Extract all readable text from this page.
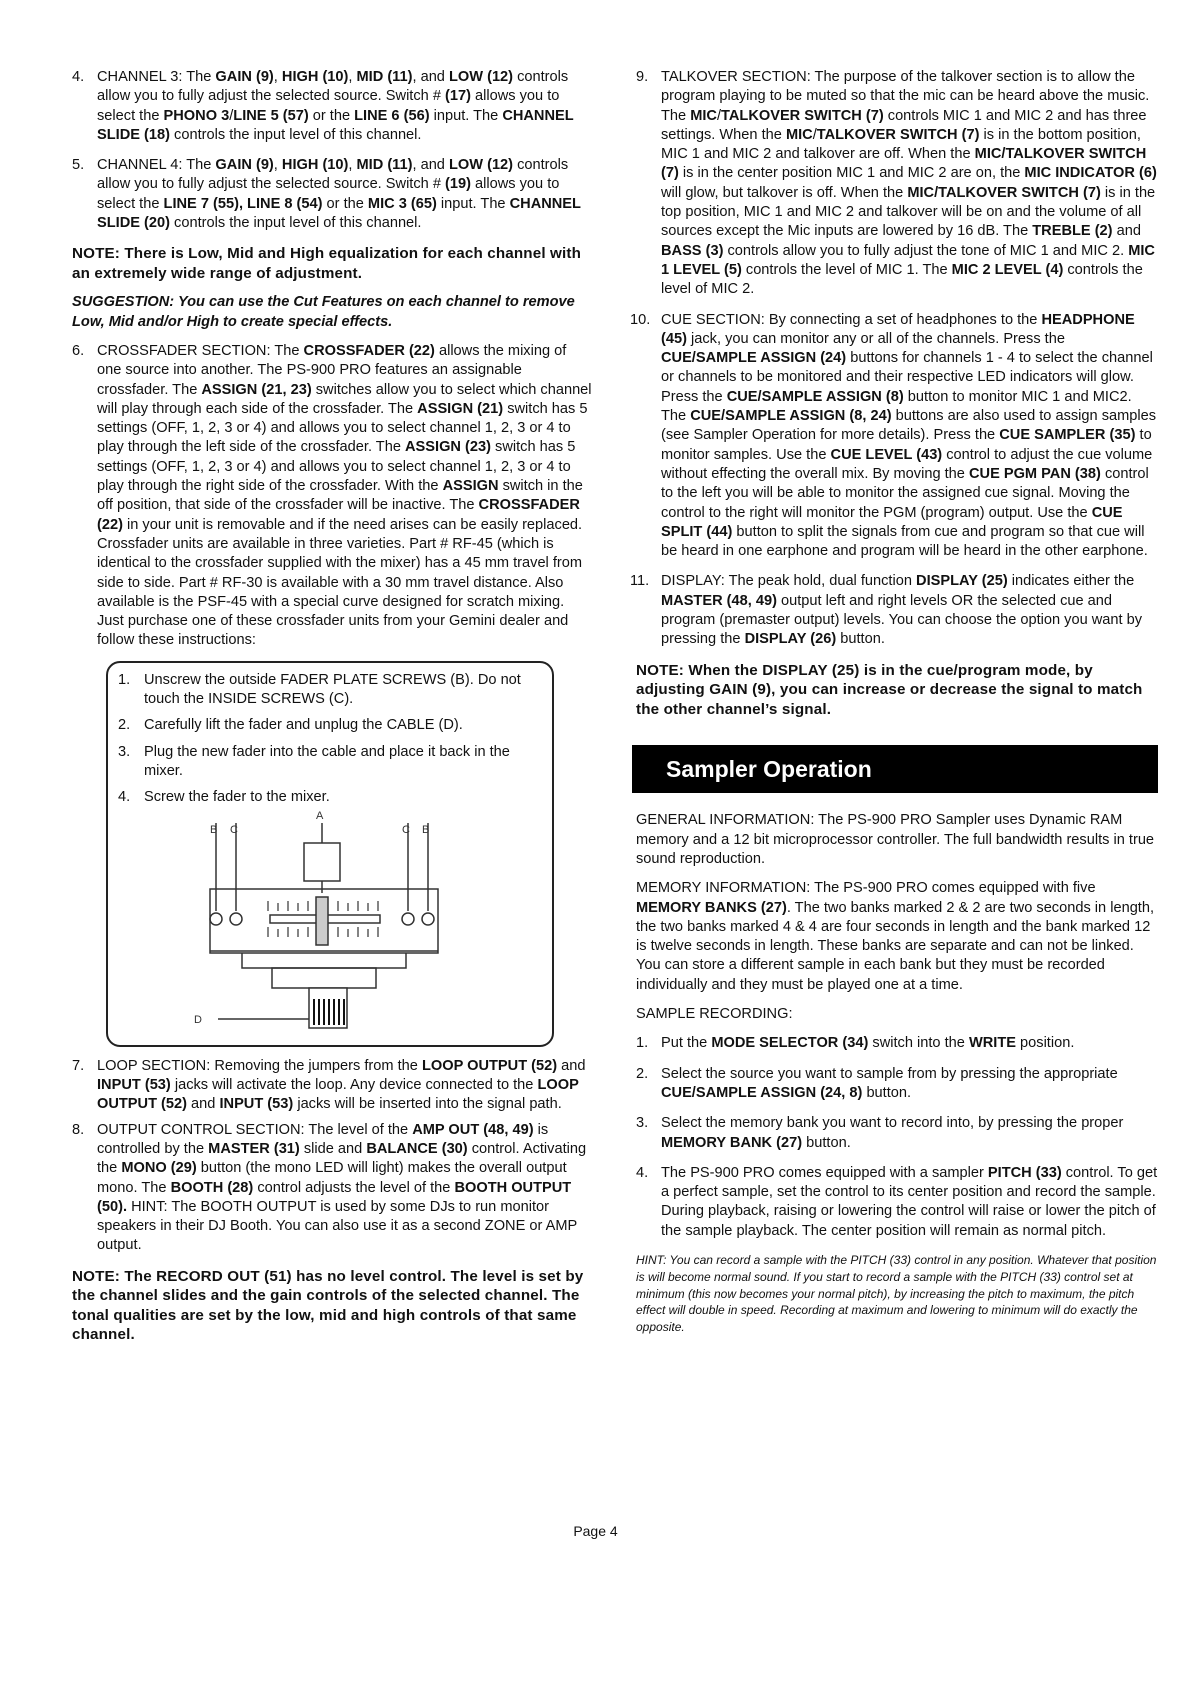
4. CHANNEL 3: The GAIN (9), HIGH (10), MID (11), and LOW (12) controls allow you to fully adjust the selected source. Switch # (17) allows you to select the PHONO 3/LINE 5 (57) or the LINE 6 (56) input. The CHANNEL SLIDE (18) controls the input level of this channel.

5. CHANNEL 4: The GAIN (9), HIGH (10), MID (11), and LOW (12) controls allow you to fully adjust the selected source. Switch # (19) allows you to select the LINE 7 (55), LINE 8 (54) or the MIC 3 (65) input. The CHANNEL SLIDE (20) controls the input level of this channel.

NOTE: There is Low, Mid and High equalization for each channel with an extremely wide range of adjustment.

SUGGESTION: You can use the Cut Features on each channel to remove Low, Mid and/or High to create special effects.

6. CROSSFADER SECTION: The CROSSFADER (22) allows the mixing of one source into another. The PS-900 PRO features an assignable crossfader. The ASSIGN (21, 23) switches allow you to select which channel will play through each side of the crossfader. The ASSIGN (21) switch has 5 settings (OFF, 1, 2, 3 or 4) and allows you to select channel 1, 2, 3 or 4 to play through the left side of the crossfader. The ASSIGN (23) switch has 5 settings (OFF, 1, 2, 3 or 4) and allows you to select channel 1, 2, 3 or 4 to play through the right side of the crossfader. With the ASSIGN switch in the off position, that side of the crossfader will be inactive. The CROSSFADER (22) in your unit is removable and if the need arises can be easily replaced. Crossfader units are available in three varieties. Part # RF-45 (which is identical to the crossfader supplied with the mixer) has a 45 mm travel from side to side. Part # RF-30 is available with a 30 mm travel distance. Also available is the PSF-45 with a special curve designed for scratch mixing. Just purchase one of these crossfader units from your Gemini dealer and follow these instructions:

1. Unscrew the outside FADER PLATE SCREWS (B). Do not touch the INSIDE SCREWS (C).

2. Carefully lift the fader and unplug the CABLE (D).

3. Plug the new fader into the cable and place it back in the mixer.

4. Screw the fader to the mixer.

B C	C B
D
A
7. LOOP SECTION: Removing the jumpers from the LOOP OUTPUT (52) and INPUT (53) jacks will activate the loop. Any device connected to the LOOP OUTPUT (52) and INPUT (53) jacks will be inserted into the signal path.

8. OUTPUT CONTROL SECTION: The level of the AMP OUT (48, 49) is controlled by the MASTER (31) slide and BALANCE (30) control. Activating the MONO (29) button (the mono LED will light) makes the overall output mono. The BOOTH (28) control adjusts the level of the BOOTH OUTPUT (50). HINT: The BOOTH OUTPUT is used by some DJs to run monitor speakers in their DJ Booth. You can also use it as a second ZONE or AMP output.

NOTE: The RECORD OUT (51) has no level control. The level is set by the channel slides and the gain controls of the selected channel. The tonal qualities are set by the low, mid and high controls of that same channel.

9. TALKOVER SECTION: The purpose of the talkover section is to allow the program playing to be muted so that the mic can be heard above the music. The MIC/TALKOVER SWITCH (7) controls MIC 1 and MIC 2 and has three settings. When the MIC/TALKOVER SWITCH (7) is in the bottom position, MIC 1 and MIC 2 and talkover are off. When the MIC/TALKOVER SWITCH (7) is in the center position MIC 1 and MIC 2 are on, the MIC INDICATOR (6) will glow, but talkover is off. When the MIC/TALKOVER SWITCH (7) is in the top position, MIC 1 and MIC 2 and talkover will be on and the volume of all sources except the Mic inputs are lowered by 16 dB. The TREBLE (2) and BASS (3) controls allow you to fully adjust the tone of MIC 1 and MIC 2. MIC 1 LEVEL (5) controls the level of MIC 1. The MIC 2 LEVEL (4) controls the level of MIC 2.

10. CUE SECTION: By connecting a set of headphones to the HEADPHONE (45) jack, you can monitor any or all of the channels. Press the CUE/SAMPLE ASSIGN (24) buttons for channels 1 - 4 to select the channel or channels to be monitored and their respective LED indicators will glow. Press the CUE/SAMPLE ASSIGN (8) button to monitor MIC 1 and MIC2. The CUE/SAMPLE ASSIGN (8, 24) buttons are also used to assign samples (see Sampler Operation for more details). Press the CUE SAMPLER (35) to monitor samples. Use the CUE LEVEL (43) control to adjust the cue volume without effecting the overall mix. By moving the CUE PGM PAN (38) control to the left you will be able to monitor the assigned cue signal. Moving the control to the right will monitor the PGM (program) output. Use the CUE SPLIT (44) button to split the signals from cue and program so that cue will be heard in one earphone and program will be heard in the other earphone.

11. DISPLAY: The peak hold, dual function DISPLAY (25) indicates either the MASTER (48, 49) output left and right levels OR the selected cue and program (premaster output) levels. You can choose the option you want by pressing the DISPLAY (26) button.

NOTE: When the DISPLAY (25) is in the cue/program mode, by adjusting GAIN (9), you can increase or decrease the signal to match the other channel’s signal.

Sampler Operation

GENERAL INFORMATION: The PS-900 PRO Sampler uses Dynamic RAM memory and a 12 bit microprocessor controller. The full bandwidth results in true sound reproduction.

MEMORY INFORMATION: The PS-900 PRO comes equipped with five MEMORY BANKS (27). The two banks marked 2 & 2 are two seconds in length, the two banks marked 4 & 4 are four seconds in length and the bank marked 12 is twelve seconds in length. These banks are separate and can not be linked. You can store a different sample in each bank but they must be recorded individually and they must be played one at a time.

SAMPLE RECORDING:

1. Put the MODE SELECTOR (34) switch into the WRITE position.

2. Select the source you want to sample from by pressing the appropriate CUE/SAMPLE ASSIGN (24, 8) button.

3. Select the memory bank you want to record into, by pressing the proper MEMORY BANK (27) button.

4. The PS-900 PRO comes equipped with a sampler PITCH (33) control. To get a perfect sample, set the control to its center position and record the sample. During playback, raising or lowering the control will raise or lower the pitch of the sample playback. The center position will remain as normal pitch.

HINT: You can record a sample with the PITCH (33) control in any position. Whatever that position is will become normal sound. If you start to record a sample with the PITCH (33) control set at minimum (this now becomes your normal pitch), by increasing the pitch to maximum, the pitch effect will double in speed. Recording at maximum and lowering to minimum will do exactly the opposite.

Page 4
